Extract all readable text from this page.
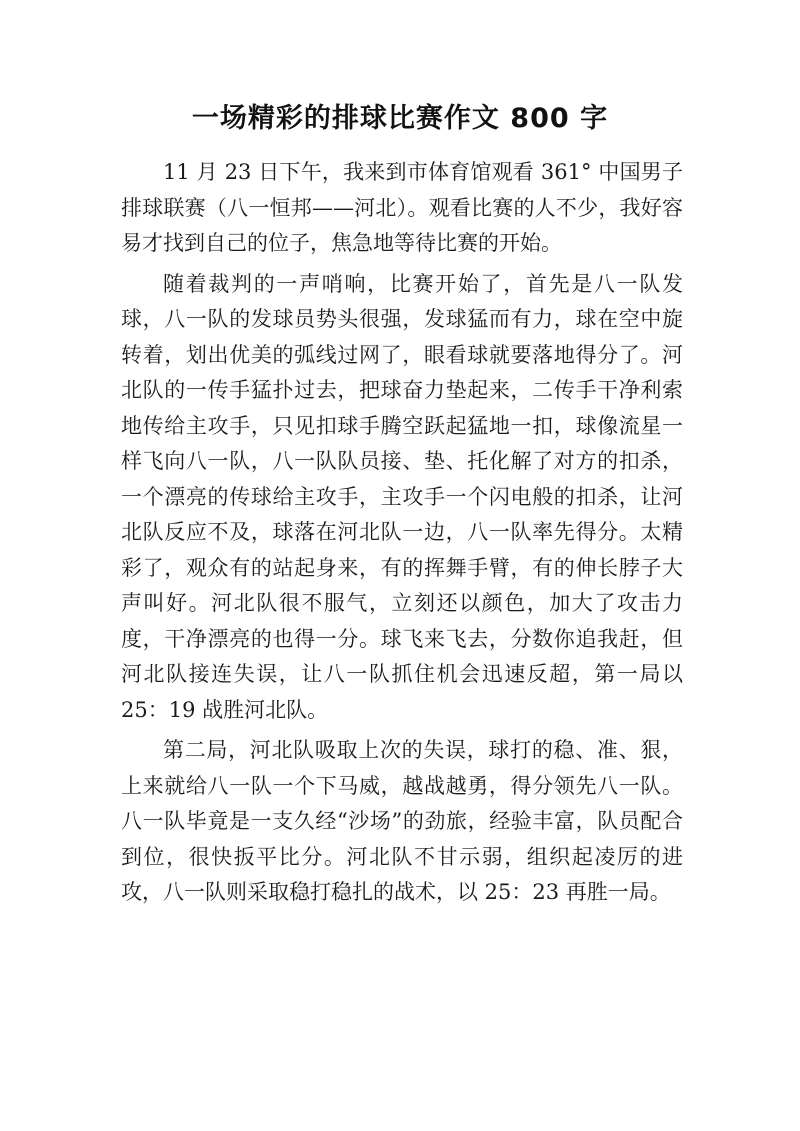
一场精彩的排球比赛作文 800 字

11 月 23 日下午，我来到市体育馆观看 361° 中国男子排球联赛（八一恒邦——河北）。观看比赛的人不少，我好容易才找到自己的位子，焦急地等待比赛的开始。

随着裁判的一声哨响，比赛开始了，首先是八一队发球，八一队的发球员势头很强，发球猛而有力，球在空中旋转着，划出优美的弧线过网了，眼看球就要落地得分了。河北队的一传手猛扑过去，把球奋力垫起来，二传手干净利索地传给主攻手，只见扣球手腾空跃起猛地一扣，球像流星一样飞向八一队，八一队队员接、垫、托化解了对方的扣杀，一个漂亮的传球给主攻手，主攻手一个闪电般的扣杀，让河北队反应不及，球落在河北队一边，八一队率先得分。太精彩了，观众有的站起身来，有的挥舞手臂，有的伸长脖子大声叫好。河北队很不服气，立刻还以颜色，加大了攻击力度，干净漂亮的也得一分。球飞来飞去，分数你追我赶，但河北队接连失误，让八一队抓住机会迅速反超，第一局以 25：19 战胜河北队。

第二局，河北队吸取上次的失误，球打的稳、准、狠，上来就给八一队一个下马威，越战越勇，得分领先八一队。八一队毕竟是一支久经“沙场”的劲旅，经验丰富，队员配合到位，很快扳平比分。河北队不甘示弱，组织起凌厉的进攻，八一队则采取稳打稳扎的战术，以 25：23 再胜一局。
